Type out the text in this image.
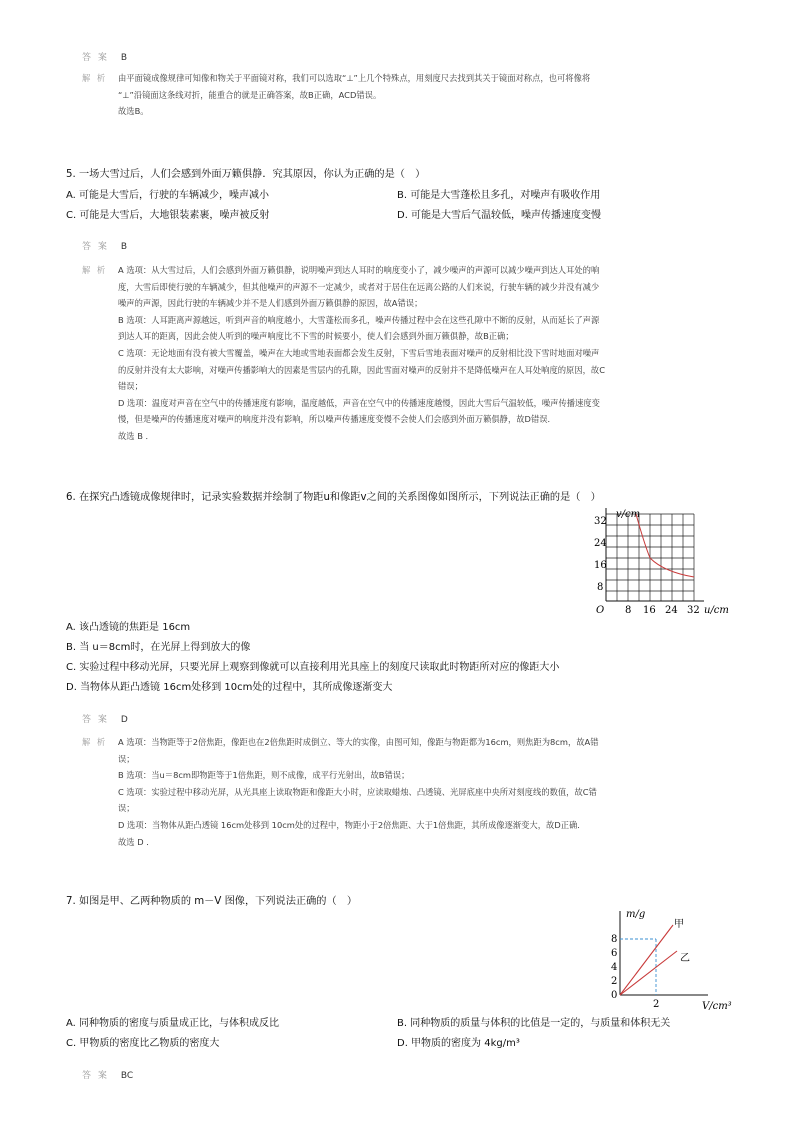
答 案 B
解 析	由平面镜成像规律可知像和物关于平面镜对称，我们可以选取“⊥”上几个特殊点，用刻度尺去找到其关于镜面对称点，也可将像将
“⊥”沿镜面这条线对折，能重合的就是正确答案，故B正确，ACD错误。
故选B。
5. 一场大雪过后，人们会感到外面万籁俱静．究其原因，你认为正确的是（　）
A. 可能是大雪后，行驶的车辆减少，噪声减小	B. 可能是大雪蓬松且多孔，对噪声有吸收作用
C. 可能是大雪后，大地银装素裹，噪声被反射	D. 可能是大雪后气温较低，噪声传播速度变慢
答 案 B
解 析	A 选项：从大雪过后，人们会感到外面万籁俱静，说明噪声到达人耳时的响度变小了，减少噪声的声源可以减少噪声到达人耳处的响
度，大雪后即使行驶的车辆减少，但其他噪声的声源不一定减少，或者对于居住在远离公路的人们来说，行驶车辆的减少并没有减少
噪声的声源，因此行驶的车辆减少并不是人们感到外面万籁俱静的原因，故A错误；
B 选项：人耳距离声源越远，听到声音的响度越小，大雪蓬松而多孔，噪声传播过程中会在这些孔隙中不断的反射，从而延长了声源
到达人耳的距离，因此会使人听到的噪声响度比不下雪的时候要小，使人们会感到外面万籁俱静，故B正确；
C 选项：无论地面有没有被大雪覆盖，噪声在大地或雪地表面都会发生反射，下雪后雪地表面对噪声的反射相比没下雪时地面对噪声
的反射并没有太大影响，对噪声传播影响大的因素是雪层内的孔隙，因此雪面对噪声的反射并不是降低噪声在人耳处响度的原因，故C
错误；
D 选项：温度对声音在空气中的传播速度有影响，温度越低，声音在空气中的传播速度越慢，因此大雪后气温较低，噪声传播速度变
慢，但是噪声的传播速度对噪声的响度并没有影响，所以噪声传播速度变慢不会使人们会感到外面万籁俱静，故D错误．
故选 B ．
6. 在探究凸透镜成像规律时，记录实验数据并绘制了物距u和像距v之间的关系图像如图所示，下列说法正确的是（　）
v/cm
u/cm
O
32
24
16
8
8 16 24 32
A. 该凸透镜的焦距是 16cm
B. 当 u＝8cm时，在光屏上得到放大的像
C. 实验过程中移动光屏，只要光屏上观察到像就可以直接利用光具座上的刻度尺读取此时物距所对应的像距大小
D. 当物体从距凸透镜 16cm处移到 10cm处的过程中，其所成像逐渐变大
答 案 D
解 析	A 选项：当物距等于2倍焦距，像距也在2倍焦距时成倒立、等大的实像，由图可知，像距与物距都为16cm，则焦距为8cm，故A错
误；
B 选项：当u＝8cm即物距等于1倍焦距，则不成像，成平行光射出，故B错误；
C 选项：实验过程中移动光屏，从光具座上读取物距和像距大小时，应读取蜡烛、凸透镜、光屏底座中央所对刻度线的数值，故C错
误；
D 选项：当物体从距凸透镜 16cm处移到 10cm处的过程中，物距小于2倍焦距、大于1倍焦距，其所成像逐渐变大，故D正确．
故选 D ．
7. 如图是甲、乙两种物质的 m－V 图像，下列说法正确的（　）
m/g
V/cm³
甲
乙
8
6
4
2
0
2
A. 同种物质的密度与质量成正比，与体积成反比	B. 同种物质的质量与体积的比值是一定的，与质量和体积无关
C. 甲物质的密度比乙物质的密度大	D. 甲物质的密度为 4kg/m³
答 案 BC
